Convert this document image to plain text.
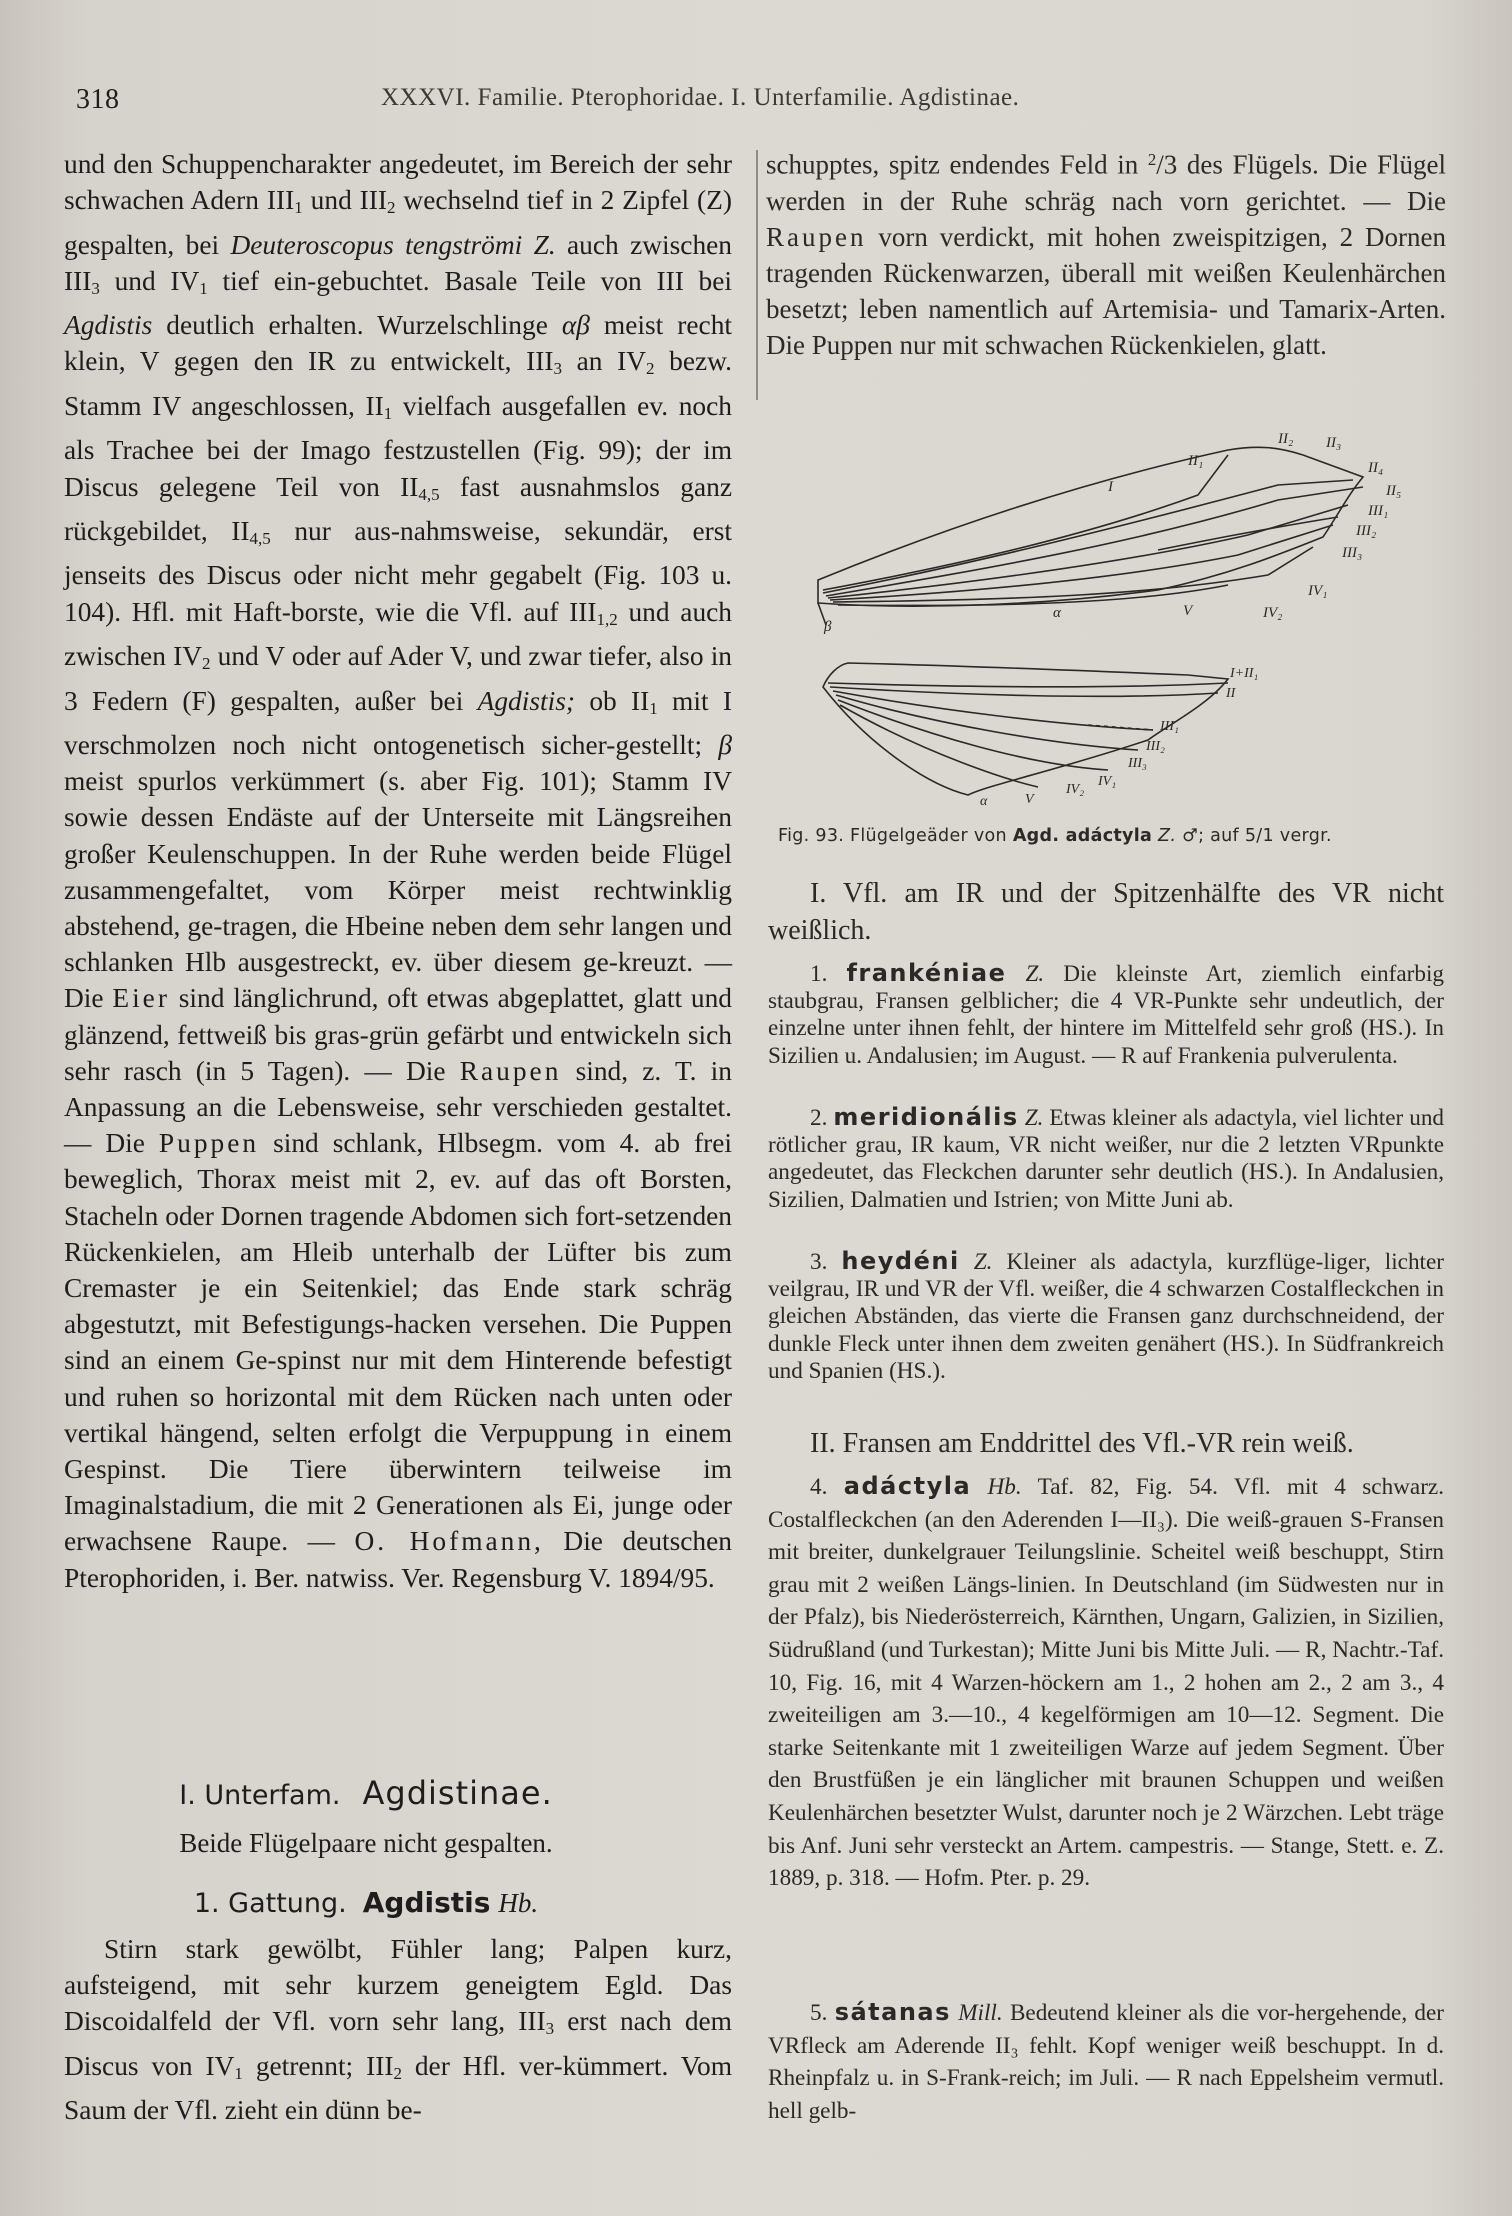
318	XXXVI. Familie. Pterophoridae. I. Unterfamilie. Agdistinae.

und den Schuppencharakter angedeutet, im Bereich der sehr schwachen Adern $III_1$ und $III_2$ wechselnd tief in 2 Zipfel (Z) gespalten, bei Deuteroscopus tengströmi Z. auch zwischen $III_3$ und $IV_1$ tief ein-gebuchtet. Basale Teile von III bei Agdistis deutlich erhalten. Wurzelschlinge αβ meist recht klein, V gegen den IR zu entwickelt, $III_3$ an $IV_2$ bezw. Stamm IV angeschlossen, $II_1$ vielfach ausgefallen ev. noch als Trachee bei der Imago festzustellen (Fig. 99); der im Discus gelegene Teil von $II_{4,5}$ fast ausnahmslos ganz rückgebildet, $II_{4,5}$ nur aus-nahmsweise, sekundär, erst jenseits des Discus oder nicht mehr gegabelt (Fig. 103 u. 104). Hfl. mit Haft-borste, wie die Vfl. auf $III_{1,2}$ und auch zwischen $IV_2$ und V oder auf Ader V, und zwar tiefer, also in 3 Federn (F) gespalten, außer bei Agdistis; ob $II_1$ mit I verschmolzen noch nicht ontogenetisch sicher-gestellt; β meist spurlos verkümmert (s. aber Fig. 101); Stamm IV sowie dessen Endäste auf der Unterseite mit Längsreihen großer Keulenschuppen. In der Ruhe werden beide Flügel zusammengefaltet, vom Körper meist rechtwinklig abstehend, ge-tragen, die Hbeine neben dem sehr langen und schlanken Hlb ausgestreckt, ev. über diesem ge-kreuzt. — Die Eier sind länglichrund, oft etwas abgeplattet, glatt und glänzend, fettweiß bis gras-grün gefärbt und entwickeln sich sehr rasch (in 5 Tagen). — Die Raupen sind, z. T. in Anpassung an die Lebensweise, sehr verschieden gestaltet. — Die Puppen sind schlank, Hlbsegm. vom 4. ab frei beweglich, Thorax meist mit 2, ev. auf das oft Borsten, Stacheln oder Dornen tragende Abdomen sich fort-setzenden Rückenkielen, am Hleib unterhalb der Lüfter bis zum Cremaster je ein Seitenkiel; das Ende stark schräg abgestutzt, mit Befestigungs-hacken versehen. Die Puppen sind an einem Ge-spinst nur mit dem Hinterende befestigt und ruhen so horizontal mit dem Rücken nach unten oder vertikal hängend, selten erfolgt die Verpuppung in einem Gespinst. Die Tiere überwintern teilweise im Imaginalstadium, die mit 2 Generationen als Ei, junge oder erwachsene Raupe. — O. Hofmann, Die deutschen Pterophoriden, i. Ber. natwiss. Ver. Regensburg V. 1894/95.

I. Unterfam. Agdistinae.
Beide Flügelpaare nicht gespalten.
1. Gattung. Agdistis Hb.

Stirn stark gewölbt, Fühler lang; Palpen kurz, aufsteigend, mit sehr kurzem geneigtem Egld. Das Discoidalfeld der Vfl. vorn sehr lang, $III_3$ erst nach dem Discus von $IV_1$ getrennt; $III_2$ der Hfl. ver-kümmert. Vom Saum der Vfl. zieht ein dünn be-

schupptes, spitz endendes Feld in $^2$/3 des Flügels. Die Flügel werden in der Ruhe schräg nach vorn gerichtet. — Die Raupen vorn verdickt, mit hohen zweispitzigen, 2 Dornen tragenden Rückenwarzen, überall mit weißen Keulenhärchen besetzt; leben namentlich auf Artemisia- und Tamarix-Arten. Die Puppen nur mit schwachen Rückenkielen, glatt.

II₂ II₃
II₁
I
II₄
II₅
III₁
III₂
III₃
IV₁
IV₂
V
α
β
I+II₁
II
III₁
III₂
III₃
IV₁
IV₂
V
α
Fig. 93. Flügelgeäder von Agd. adáctyla Z. ♂; auf 5/1 vergr.

I. Vfl. am IR und der Spitzenhälfte des VR nicht weißlich.

1. frankéniae Z. Die kleinste Art, ziemlich einfarbig staubgrau, Fransen gelblicher; die 4 VR-Punkte sehr undeutlich, der einzelne unter ihnen fehlt, der hintere im Mittelfeld sehr groß (HS.). In Sizilien u. Andalusien; im August. — R auf Frankenia pulverulenta.

2. meridionális Z. Etwas kleiner als adactyla, viel lichter und rötlicher grau, IR kaum, VR nicht weißer, nur die 2 letzten VRpunkte angedeutet, das Fleckchen darunter sehr deutlich (HS.). In Andalusien, Sizilien, Dalmatien und Istrien; von Mitte Juni ab.

3. heydéni Z. Kleiner als adactyla, kurzflüge-liger, lichter veilgrau, IR und VR der Vfl. weißer, die 4 schwarzen Costalfleckchen in gleichen Abständen, das vierte die Fransen ganz durchschneidend, der dunkle Fleck unter ihnen dem zweiten genähert (HS.). In Südfrankreich und Spanien (HS.).

II. Fransen am Enddrittel des Vfl.-VR rein weiß.

4. adáctyla Hb. Taf. 82, Fig. 54. Vfl. mit 4 schwarz. Costalfleckchen (an den Aderenden I—II₃). Die weiß-grauen S-Fransen mit breiter, dunkelgrauer Teilungslinie. Scheitel weiß beschuppt, Stirn grau mit 2 weißen Längs-linien. In Deutschland (im Südwesten nur in der Pfalz), bis Niederösterreich, Kärnthen, Ungarn, Galizien, in Sizilien, Südrußland (und Turkestan); Mitte Juni bis Mitte Juli. — R, Nachtr.-Taf. 10, Fig. 16, mit 4 Warzen-höckern am 1., 2 hohen am 2., 2 am 3., 4 zweiteiligen am 3.—10., 4 kegelförmigen am 10—12. Segment. Die starke Seitenkante mit 1 zweiteiligen Warze auf jedem Segment. Über den Brustfüßen je ein länglicher mit braunen Schuppen und weißen Keulenhärchen besetzter Wulst, darunter noch je 2 Wärzchen. Lebt träge bis Anf. Juni sehr versteckt an Artem. campestris. — Stange, Stett. e. Z. 1889, p. 318. — Hofm. Pter. p. 29.

5. sátanas Mill. Bedeutend kleiner als die vor-hergehende, der VRfleck am Aderende II₃ fehlt. Kopf weniger weiß beschuppt. In d. Rheinpfalz u. in S-Frank-reich; im Juli. — R nach Eppelsheim vermutl. hell gelb-
